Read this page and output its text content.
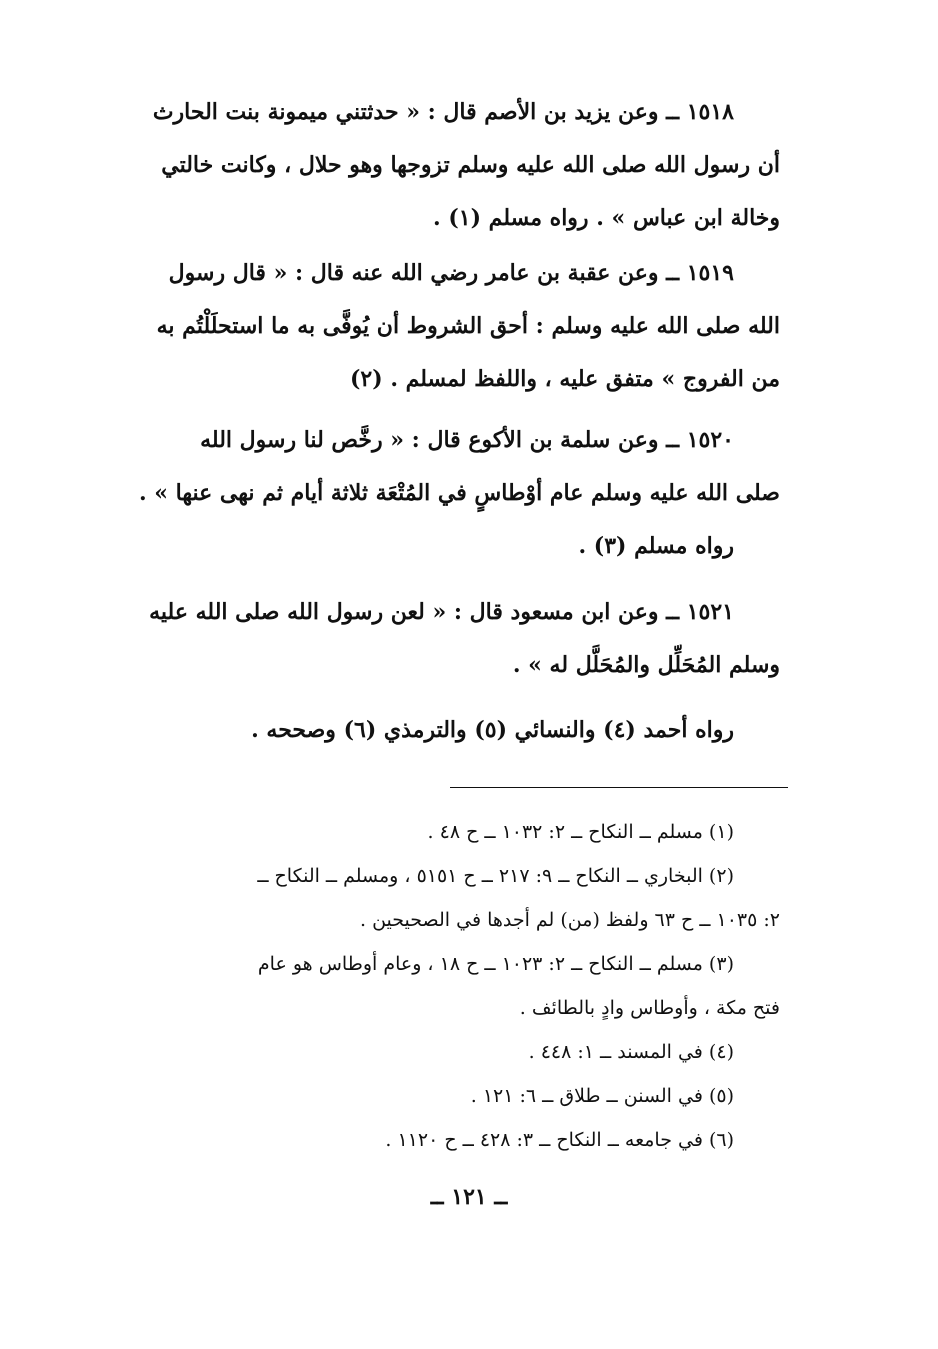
١٥١٨ ــ وعن يزيد بن الأصم قال : « حدثتني ميمونة بنت الحارث
أن رسول الله صلى الله عليه وسلم تزوجها وهو حلال ، وكانت خالتي
وخالة ابن عباس » . رواه مسلم (١) .
١٥١٩ ــ وعن عقبة بن عامر رضي الله عنه قال : « قال رسول
الله صلى الله عليه وسلم : أحق الشروط أن يُوفَّى به ما استحلَلْتُم به
من الفروج » متفق عليه ، واللفظ لمسلم . (٢)
١٥٢٠ ــ وعن سلمة بن الأكوع قال : « رخَّص لنا رسول الله
صلى الله عليه وسلم عام أوْطاسٍ في المُتْعَة ثلاثة أيام ثم نهى عنها » .
رواه مسلم (٣) .
١٥٢١ ــ وعن ابن مسعود قال : « لعن رسول الله صلى الله عليه
وسلم المُحَلِّل والمُحَلَّل له » .
رواه أحمد (٤) والنسائي (٥) والترمذي (٦) وصححه .
(١) مسلم ــ النكاح ــ ٢: ١٠٣٢ ــ ح ٤٨ .
(٢) البخاري ــ النكاح ــ ٩: ٢١٧ ــ ح ٥١٥١ ، ومسلم ــ النكاح ــ
٢: ١٠٣٥ ــ ح ٦٣ ولفظ (من) لم أجدها في الصحيحين .
(٣) مسلم ــ النكاح ــ ٢: ١٠٢٣ ــ ح ١٨ ، وعام أوطاس هو عام
فتح مكة ، وأوطاس وادٍ بالطائف .
(٤) في المسند ــ ١: ٤٤٨ .
(٥) في السنن ــ طلاق ــ ٦: ١٢١ .
(٦) في جامعه ــ النكاح ــ ٣: ٤٢٨ ــ ح ١١٢٠ .
ــ ١٢١ ــ
